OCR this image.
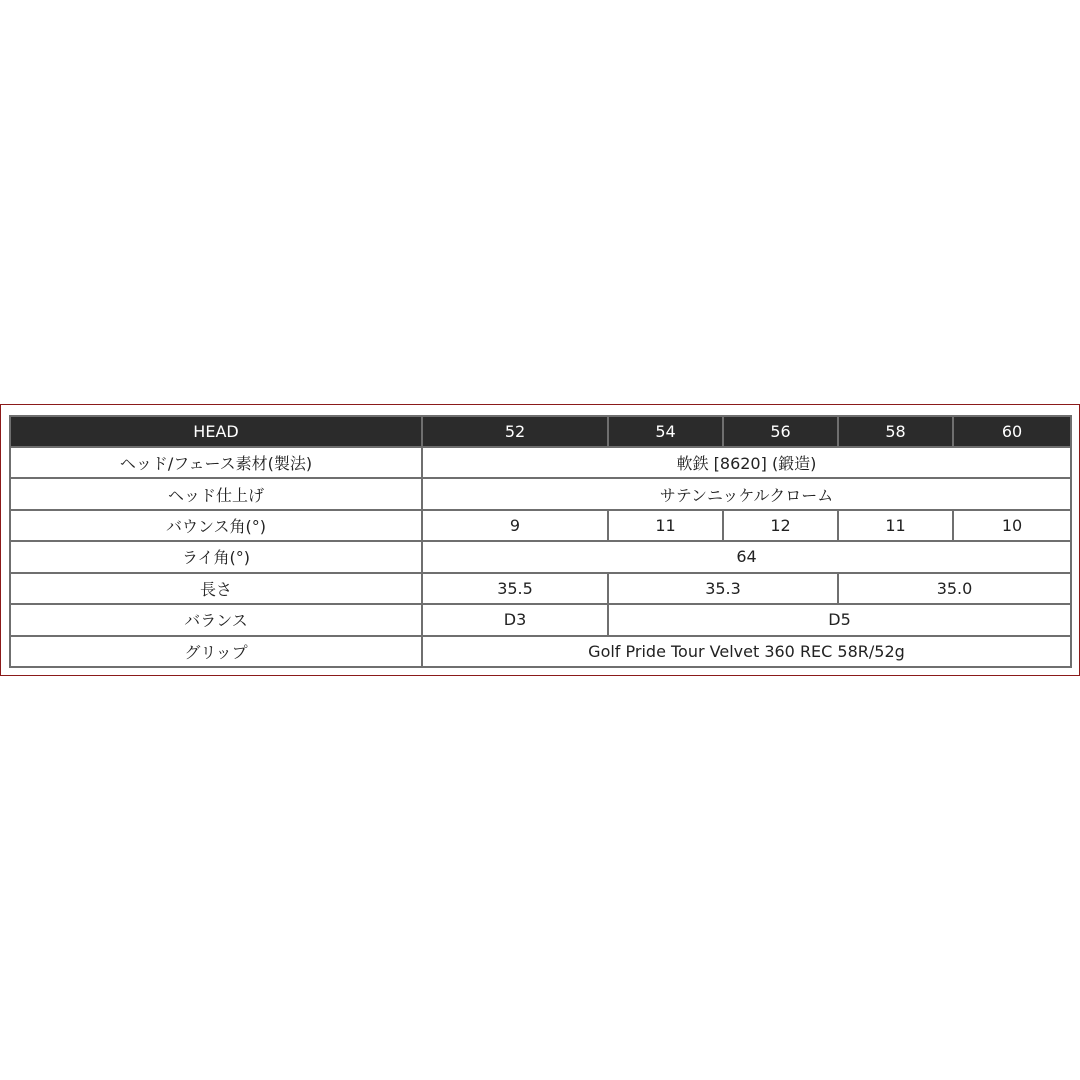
HEAD	52	54	56	58	60
ヘッド/フェース素材(製法)	軟鉄 [8620] (鍛造)				
ヘッド仕上げ	サテンニッケルクローム				
バウンス角(°)	9	11	12	11	10
ライ角(°)	64				
長さ	35.5	35.3		35.0	
バランス	D3	D5			
グリップ	Golf Pride Tour Velvet 360 REC 58R/52g				
